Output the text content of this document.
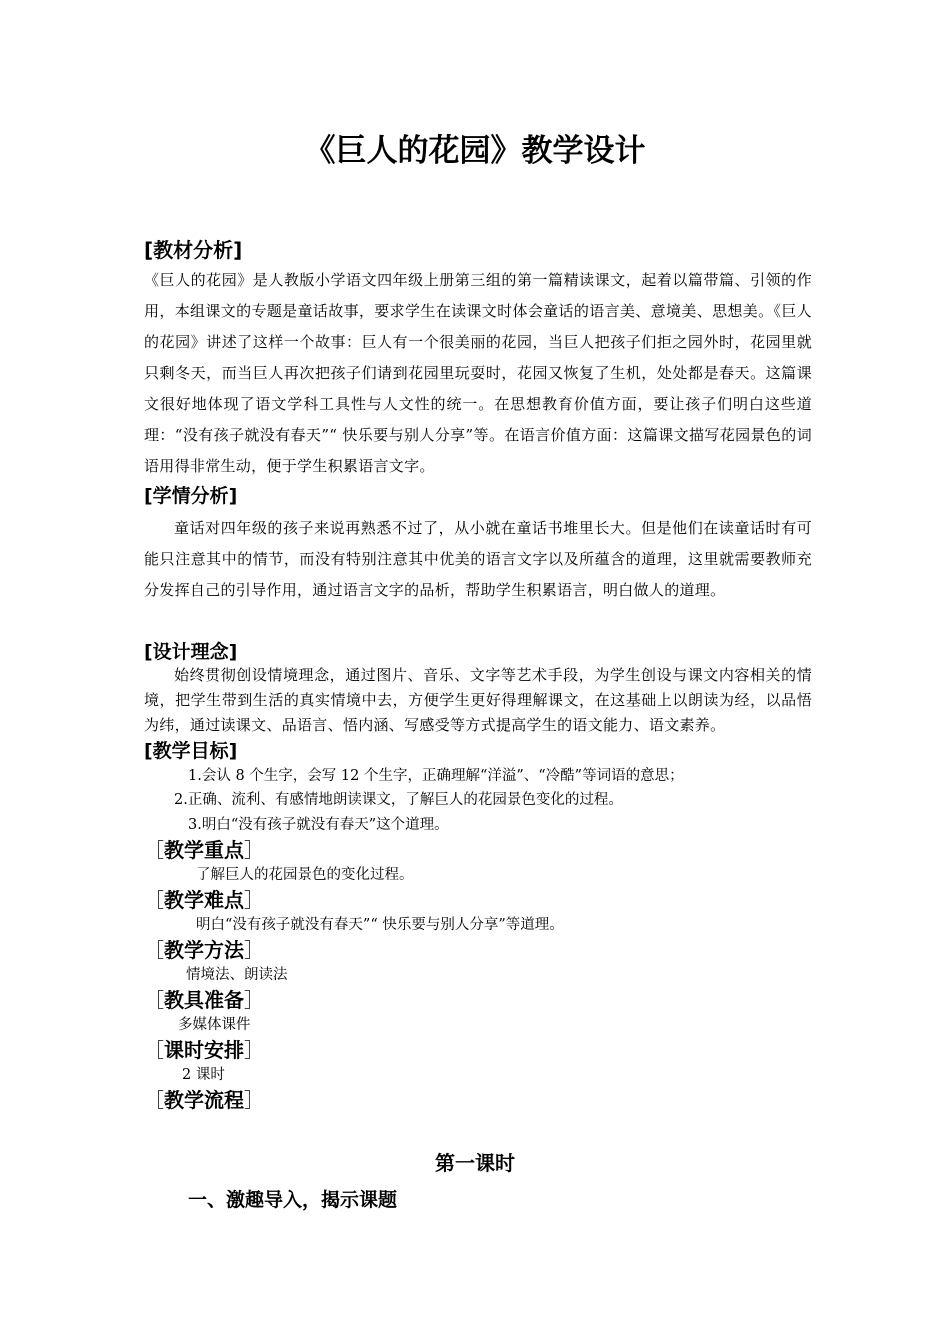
《巨人的花园》教学设计
[教材分析]

《巨人的花园》是人教版小学语文四年级上册第三组的第一篇精读课文，起着以篇带篇、引领的作用，本组课文的专题是童话故事，要求学生在读课文时体会童话的语言美、意境美、思想美。《巨人的花园》讲述了这样一个故事：巨人有一个很美丽的花园，当巨人把孩子们拒之园外时，花园里就只剩冬天，而当巨人再次把孩子们请到花园里玩耍时，花园又恢复了生机，处处都是春天。这篇课文很好地体现了语文学科工具性与人文性的统一。在思想教育价值方面，要让孩子们明白这些道理：“没有孩子就没有春天”“ 快乐要与别人分享”等。在语言价值方面：这篇课文描写花园景色的词语用得非常生动，便于学生积累语言文字。

[学情分析]

童话对四年级的孩子来说再熟悉不过了，从小就在童话书堆里长大。但是他们在读童话时有可能只注意其中的情节，而没有特别注意其中优美的语言文字以及所蕴含的道理，这里就需要教师充分发挥自己的引导作用，通过语言文字的品析，帮助学生积累语言，明白做人的道理。

[设计理念]

始终贯彻创设情境理念，通过图片、音乐、文字等艺术手段，为学生创设与课文内容相关的情境，把学生带到生活的真实情境中去，方便学生更好得理解课文，在这基础上以朗读为经，以品悟为纬，通过读课文、品语言、悟内涵、写感受等方式提高学生的语文能力、语文素养。

[教学目标]

1.会认 8 个生字，会写 12 个生字，正确理解“洋溢”、“冷酷”等词语的意思；

2.正确、流利、有感情地朗读课文，了解巨人的花园景色变化的过程。

3.明白“没有孩子就没有春天”这个道理。

［教学重点］

了解巨人的花园景色的变化过程。

［教学难点］

明白“没有孩子就没有春天”“ 快乐要与别人分享”等道理。

［教学方法］

情境法、朗读法

［教具准备］

多媒体课件

［课时安排］

2 课时

［教学流程］
第一课时
一、激趣导入，揭示课题
